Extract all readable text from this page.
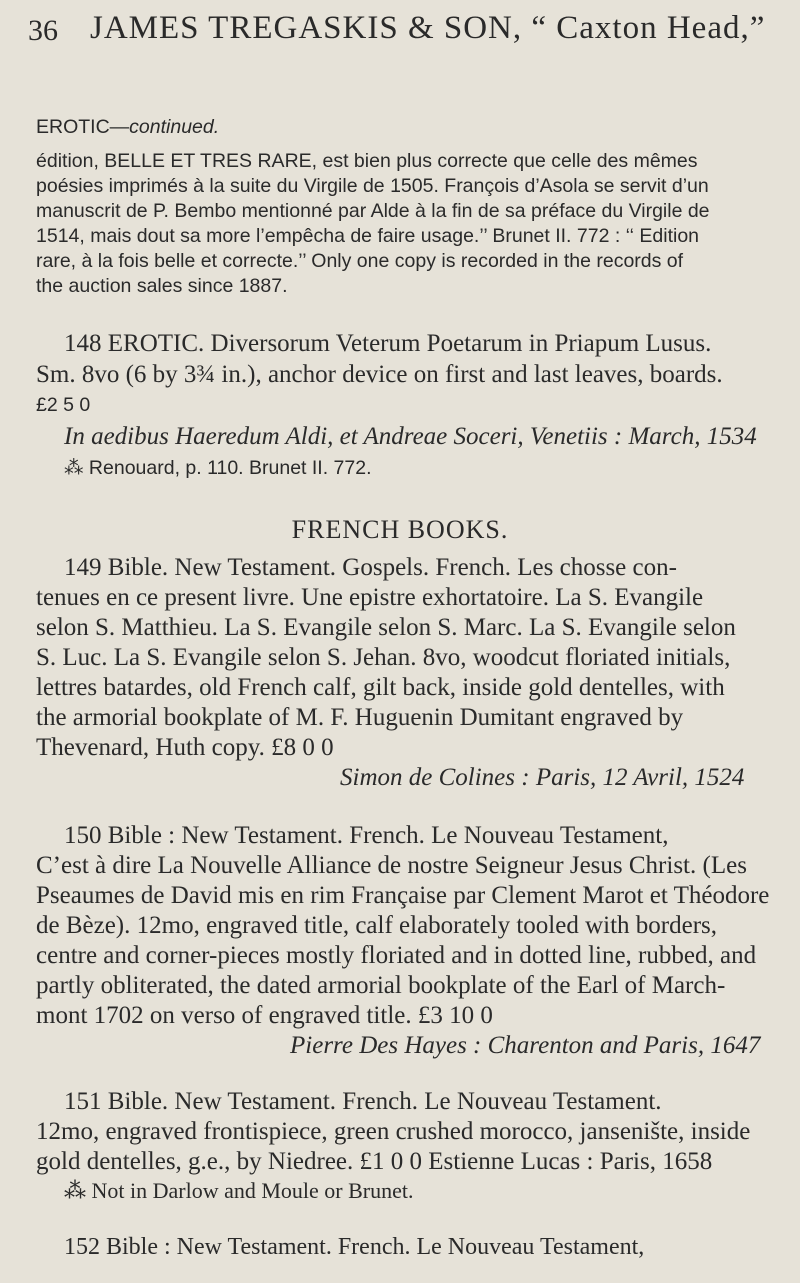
36 JAMES TREGASKIS & SON, “ Caxton Head,”
EROTIC—continued.
édition, BELLE ET TRES RARE, est bien plus correcte que celle des mêmes
poésies imprimés à la suite du Virgile de 1505. François d’Asola se servit d’un
manuscrit de P. Bembo mentionné par Alde à la fin de sa préface du Virgile de
1514, mais dout sa more l’empêcha de faire usage.’’ Brunet II. 772 : ‘‘ Edition
rare, à la fois belle et correcte.’’ Only one copy is recorded in the records of
the auction sales since 1887.
148 EROTIC. Diversorum Veterum Poetarum in Priapum Lusus.
Sm. 8vo (6 by 3¾ in.), anchor device on first and last leaves, boards.
£2 5 0
In aedibus Haeredum Aldi, et Andreae Soceri, Venetiis : March, 1534
⁂ Renouard, p. 110. Brunet II. 772.
FRENCH BOOKS.
149 Bible. New Testament. Gospels. French. Les chosse con-
tenues en ce present livre. Une epistre exhortatoire. La S. Evangile
selon S. Matthieu. La S. Evangile selon S. Marc. La S. Evangile selon
S. Luc. La S. Evangile selon S. Jehan. 8vo, woodcut floriated initials,
lettres batardes, old French calf, gilt back, inside gold dentelles, with
the armorial bookplate of M. F. Huguenin Dumitant engraved by
Thevenard, Huth copy. £8 0 0
Simon de Colines : Paris, 12 Avril, 1524
150 Bible : New Testament. French. Le Nouveau Testament,
C’est à dire La Nouvelle Alliance de nostre Seigneur Jesus Christ. (Les
Pseaumes de David mis en rim Française par Clement Marot et Théodore
de Bèze). 12mo, engraved title, calf elaborately tooled with borders,
centre and corner-pieces mostly floriated and in dotted line, rubbed, and
partly obliterated, the dated armorial bookplate of the Earl of March-
mont 1702 on verso of engraved title. £3 10 0
Pierre Des Hayes : Charenton and Paris, 1647
151 Bible. New Testament. French. Le Nouveau Testament.
12mo, engraved frontispiece, green crushed morocco, jansenište, inside
gold dentelles, g.e., by Niedree. £1 0 0 Estienne Lucas : Paris, 1658
⁂ Not in Darlow and Moule or Brunet.
152 Bible : New Testament. French. Le Nouveau Testament,
